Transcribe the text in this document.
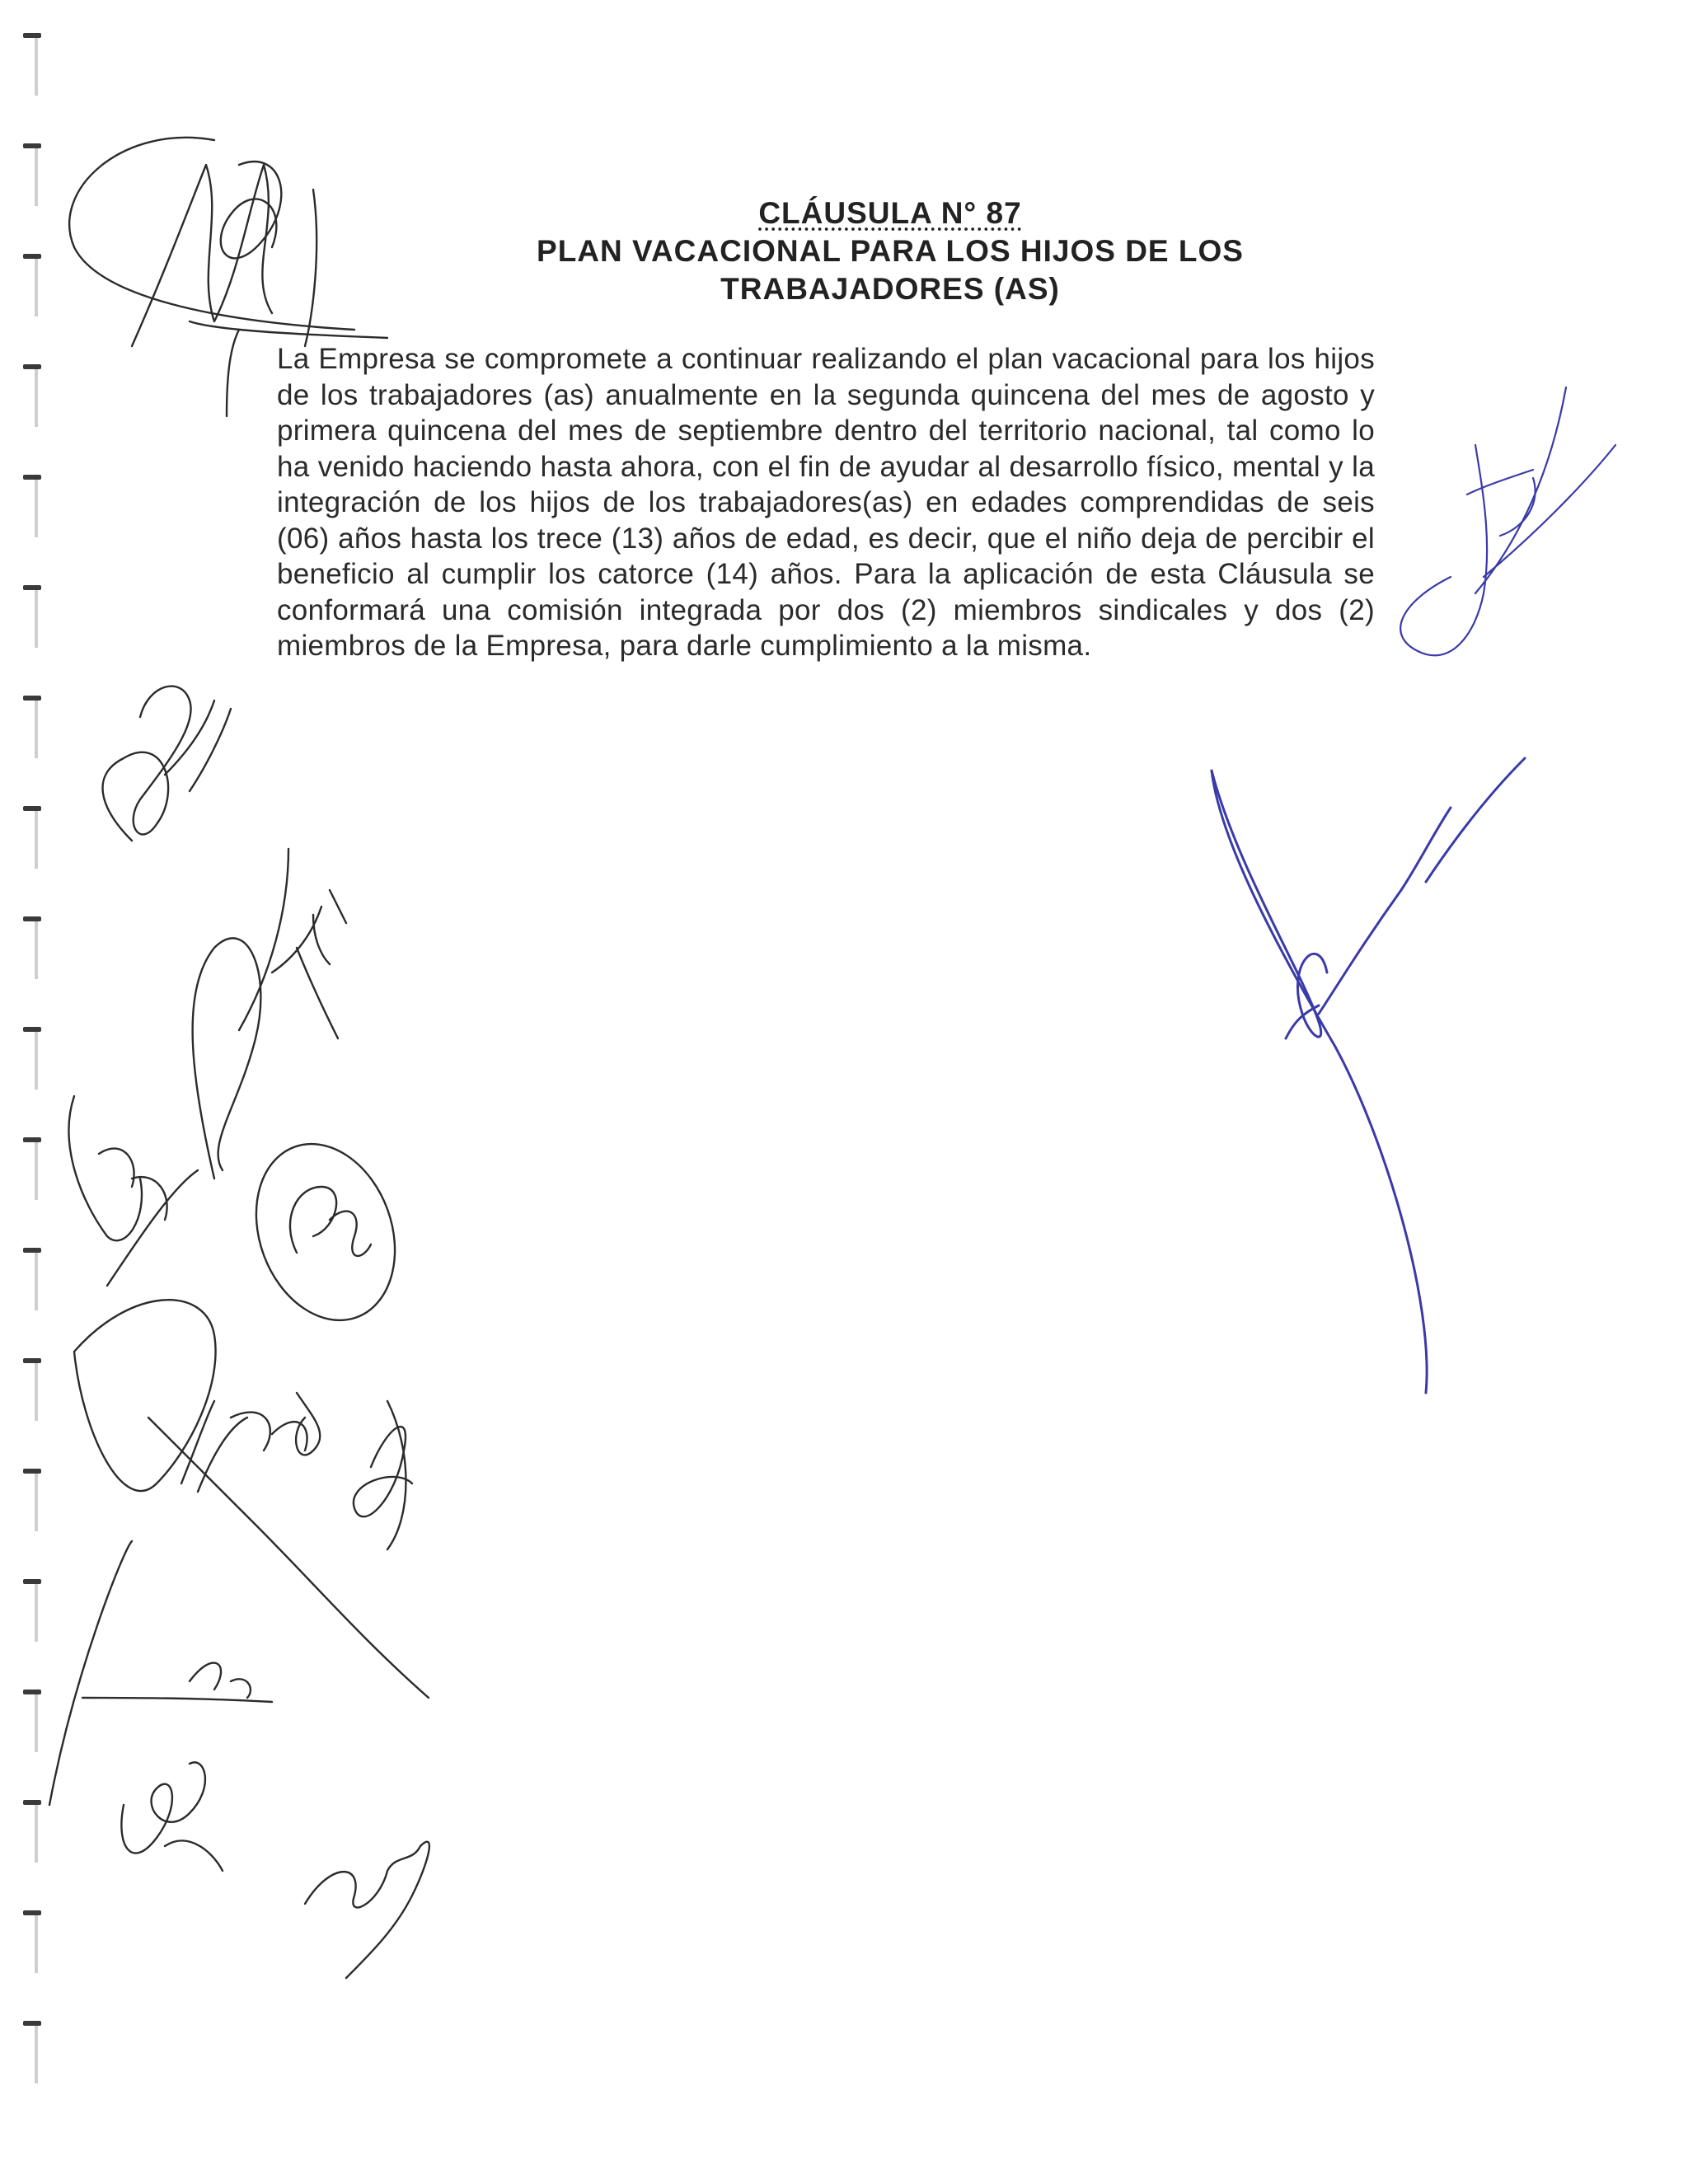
CLÁUSULA N° 87
PLAN VACACIONAL PARA LOS HIJOS DE LOS
TRABAJADORES (AS)
La Empresa se compromete a continuar realizando el plan vacacional para los hijos de los trabajadores (as) anualmente en la segunda quincena del mes de agosto y primera quincena del mes de septiembre dentro del territorio nacional, tal como lo ha venido haciendo hasta ahora, con el fin de ayudar al desarrollo físico, mental y la integración de los hijos de los trabajadores(as) en edades comprendidas de seis (06) años hasta los trece (13) años de edad, es decir, que el niño deja de percibir el beneficio al cumplir los catorce (14) años. Para la aplicación de esta Cláusula se conformará una comisión integrada por dos (2) miembros sindicales y dos (2) miembros de la Empresa, para darle cumplimiento a la misma.
